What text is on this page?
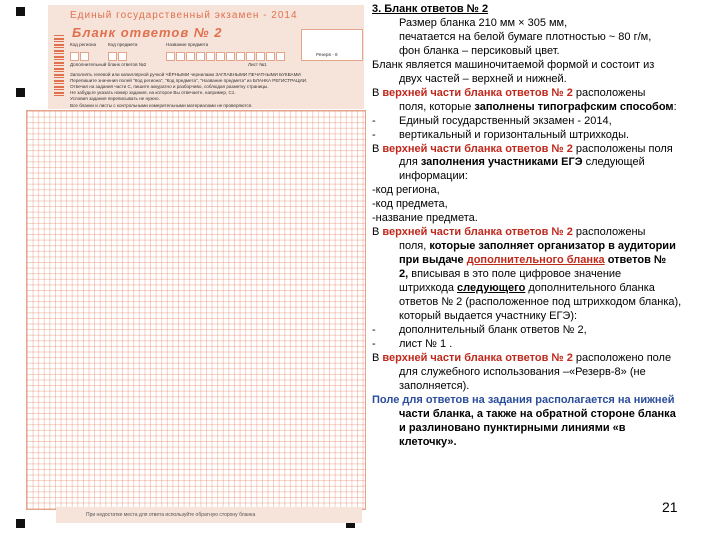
Единый государственный экзамен - 2014
Бланк ответов № 2
Код региона	Код предмета	Название предмета
Резерв - 8
Дополнительный бланк ответов №2	Лист №1
Заполнять гелевой или капиллярной ручкой ЧЁРНЫМИ чернилами ЗАГЛАВНЫМИ ПЕЧАТНЫМИ БУКВАМИ
Перепишите значения полей "Код региона", "Код предмета", "Название предмета" из БЛАНКА РЕГИСТРАЦИИ.
Отвечая на задания части С, пишите аккуратно и разборчиво, соблюдая разметку страницы.
Не забудьте указать номер задания, на которое Вы отвечаете, например, С1.
Условия задания переписывать не нужно.
Все бланки и листы с контрольными измерительными материалами не проверяются.
При недостатке места для ответа используйте обратную сторону бланка

3. Бланк ответов № 2

Размер бланка 210 мм × 305 мм,

печатается на белой бумаге плотностью ~ 80 г/м,

фон бланка – персиковый цвет.

Бланк является машиночитаемой формой и состоит из

двух частей – верхней и нижней.

В верхней части бланка ответов № 2 расположены

поля, которые заполнены типографским способом:

- Единый государственный экзамен - 2014,

- вертикальный и горизонтальный штрихкоды.

В верхней части бланка ответов № 2 расположены поля

для заполнения участниками ЕГЭ следующей

информации:

-код региона,

-код предмета,

-название предмета.

В верхней части бланка ответов № 2 расположены

поля, которые заполняет организатор в аудитории

при выдаче дополнительного бланка ответов №

2, вписывая в это поле цифровое значение

штрихкода следующего дополнительного бланка

ответов № 2 (расположенное под штрихкодом бланка),

который выдается участнику ЕГЭ):

- дополнительный бланк ответов № 2,

- лист № 1 .

В верхней части бланка ответов № 2 расположено поле

для служебного использования –«Резерв-8» (не

заполняется).

Поле для ответов на задания располагается на нижней

части бланка, а также на обратной стороне бланка

и разлиновано пунктирными линиями «в

клеточку».

21
